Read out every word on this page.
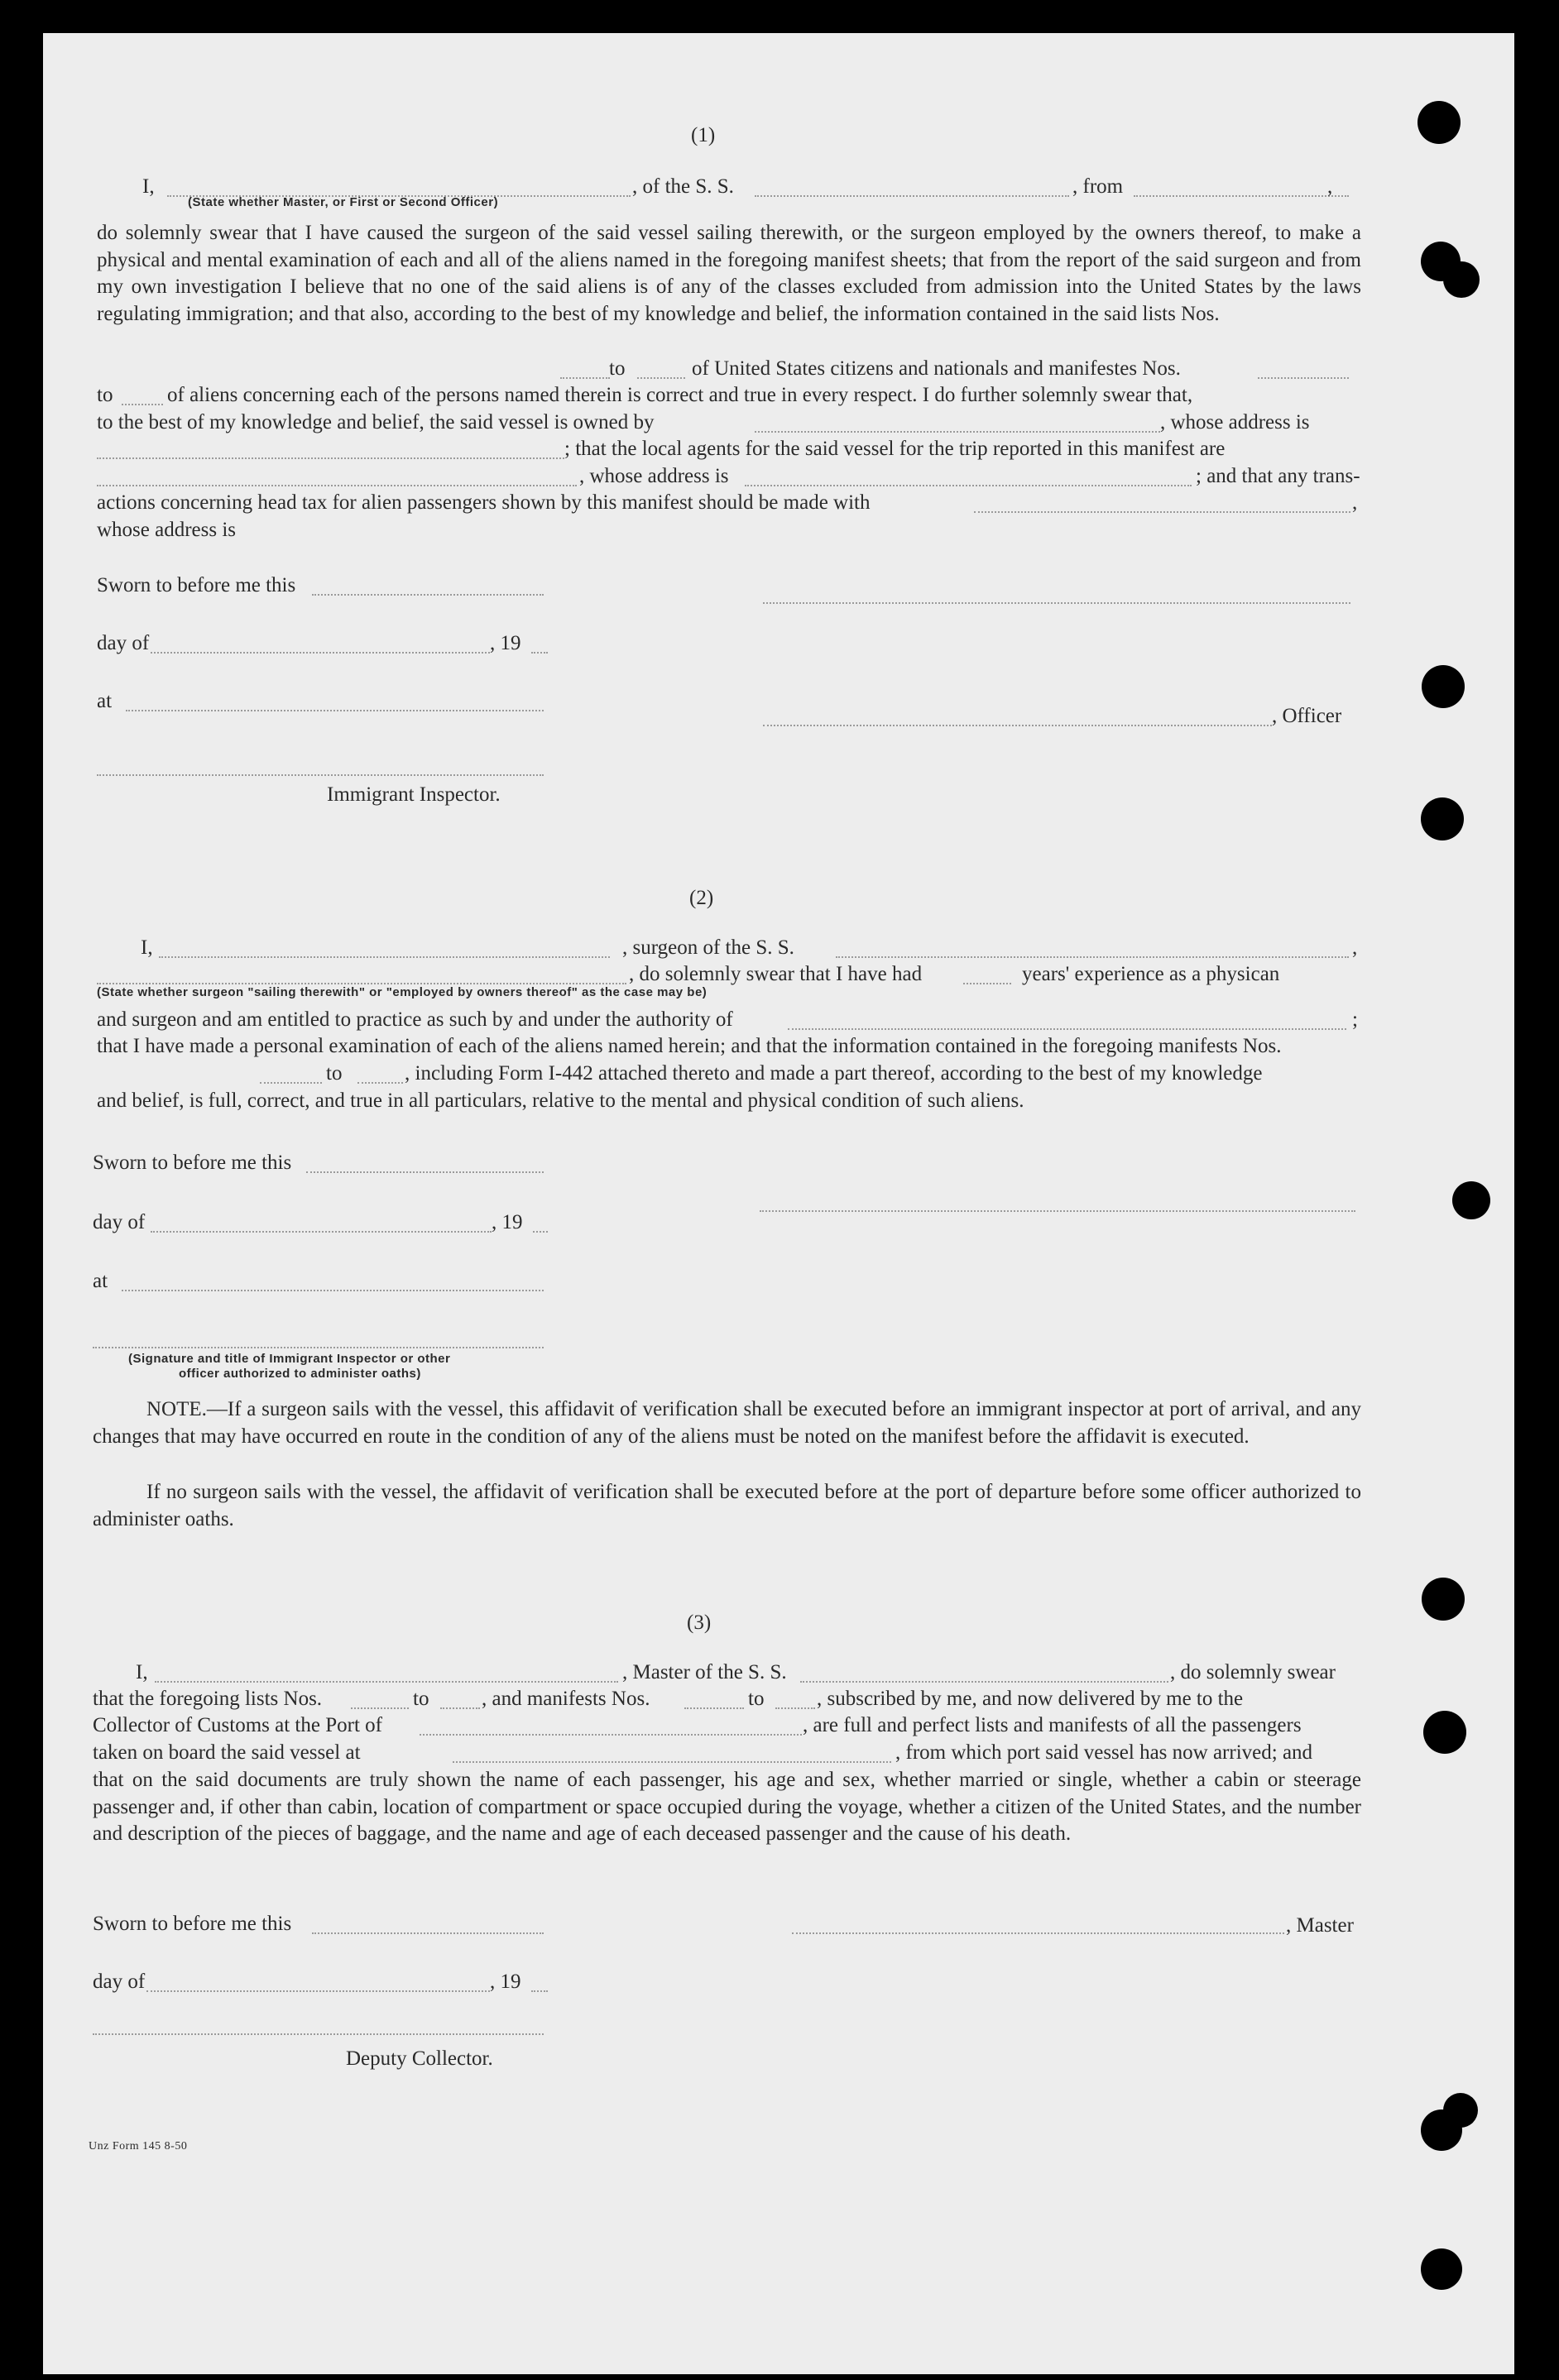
(1)
I,	, of the S. S.	, from	,
(State whether Master, or First or Second Officer)
do solemnly swear that I have caused the surgeon of the said vessel sailing therewith, or the surgeon employed by the owners thereof, to make a physical and mental examination of each and all of the aliens named in the foregoing manifest sheets; that from the report of the said surgeon and from my own investigation I believe that no one of the said aliens is of any of the classes excluded from admission into the United States by the laws regulating immigration; and that also, according to the best of my knowledge and belief, the information contained in the said lists Nos.
to	of United States citizens and nationals and manifestes Nos.
to	of aliens concerning each of the persons named therein is correct and true in every respect. I do further solemnly swear that,
to the best of my knowledge and belief, the said vessel is owned by	, whose address is
; that the local agents for the said vessel for the trip reported in this manifest are
, whose address is	; and that any trans-
actions concerning head tax for alien passengers shown by this manifest should be made with	,
whose address is
Sworn to before me this
day of	, 19
at
, Officer
Immigrant Inspector.
(2)
I,	, surgeon of the S. S.	,
, do solemnly swear that I have had	years' experience as a physican
(State whether surgeon "sailing therewith" or "employed by owners thereof" as the case may be)
and surgeon and am entitled to practice as such by and under the authority of	;
that I have made a personal examination of each of the aliens named herein; and that the information contained in the foregoing manifests Nos.
to	, including Form I-442 attached thereto and made a part thereof, according to the best of my knowledge
and belief, is full, correct, and true in all particulars, relative to the mental and physical condition of such aliens.
Sworn to before me this
day of	, 19
at
(Signature and title of Immigrant Inspector or other
officer authorized to administer oaths)
NOTE.—If a surgeon sails with the vessel, this affidavit of verification shall be executed before an immigrant inspector at port of arrival, and any changes that may have occurred en route in the condition of any of the aliens must be noted on the manifest before the affidavit is executed.
If no surgeon sails with the vessel, the affidavit of verification shall be executed before at the port of departure before some officer authorized to administer oaths.
(3)
I,	, Master of the S. S.	, do solemnly swear
that the foregoing lists Nos.	to	, and manifests Nos.	to	, subscribed by me, and now delivered by me to the
Collector of Customs at the Port of	, are full and perfect lists and manifests of all the passengers
taken on board the said vessel at	, from which port said vessel has now arrived; and
that on the said documents are truly shown the name of each passenger, his age and sex, whether married or single, whether a cabin or steerage passenger and, if other than cabin, location of compartment or space occupied during the voyage, whether a citizen of the United States, and the number and description of the pieces of baggage, and the name and age of each deceased passenger and the cause of his death.
Sworn to before me this	, Master
day of	, 19
Deputy Collector.
Unz Form 145 8-50
